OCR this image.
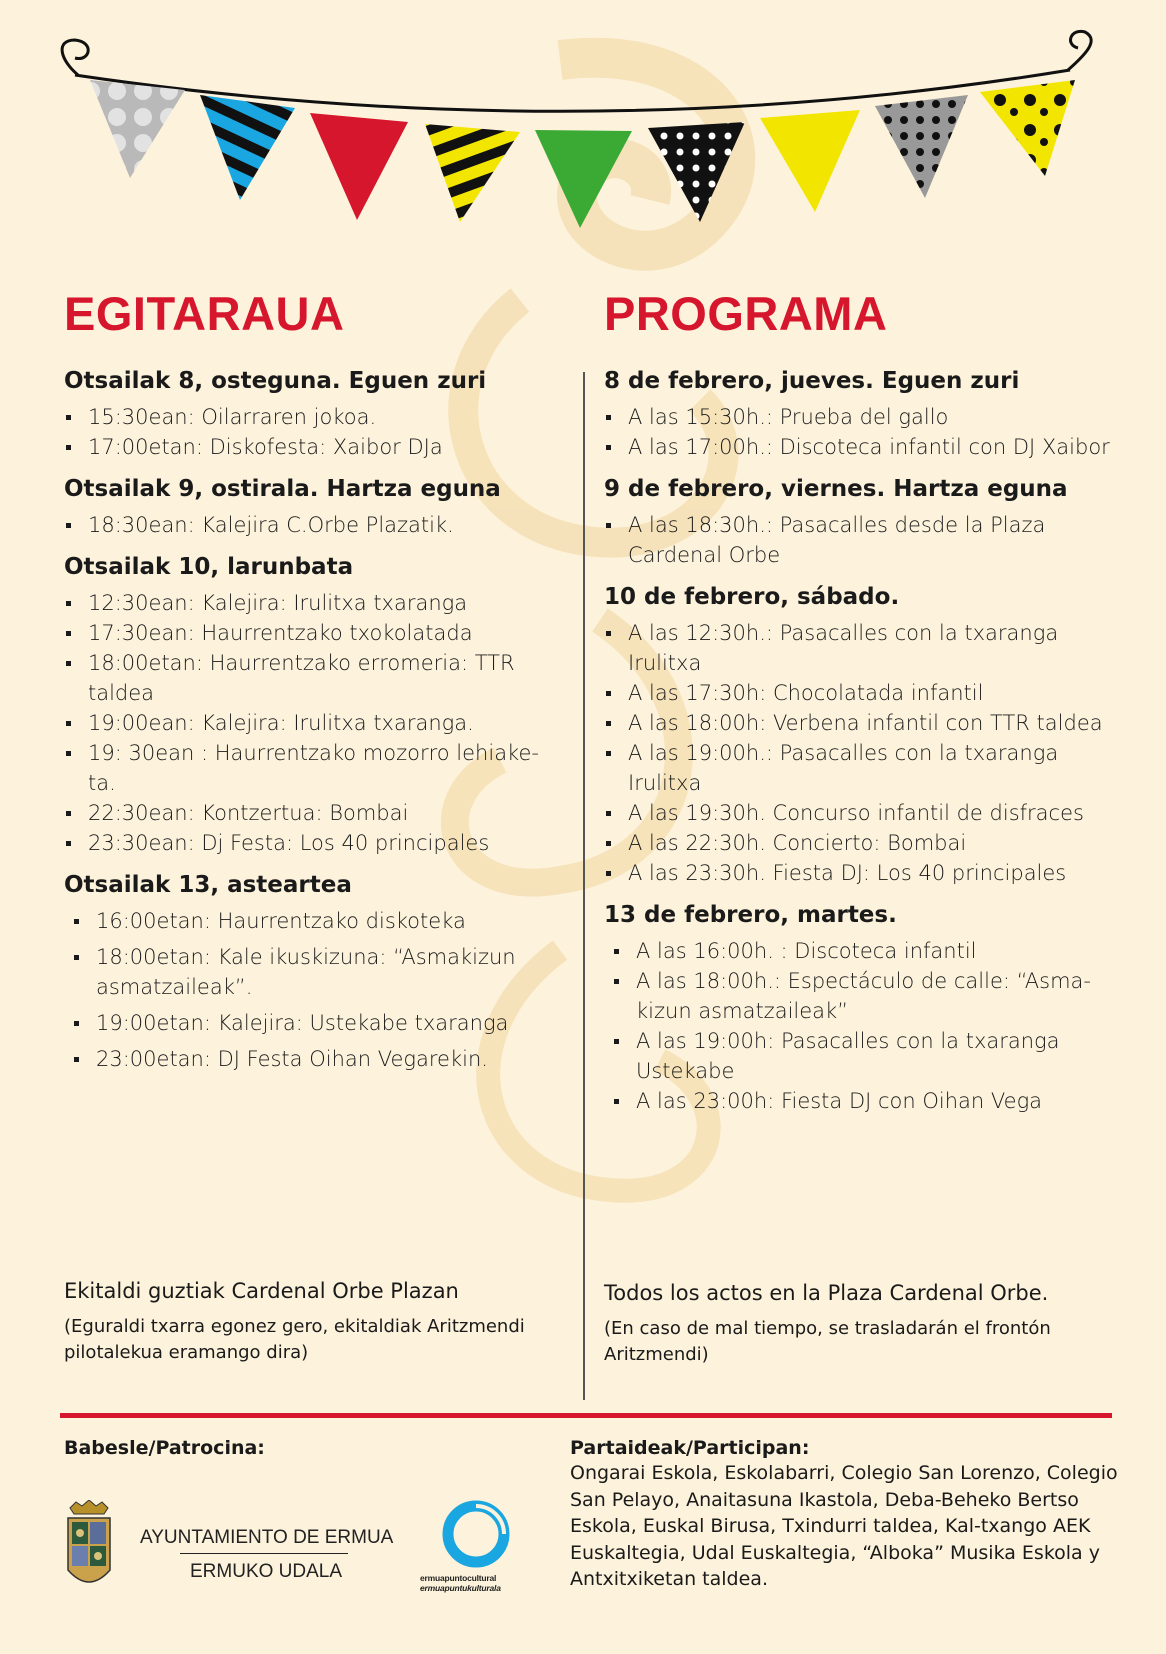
EGITARAUA
Otsailak 8, osteguna. Eguen zuri
15:30ean: Oilarraren jokoa.
17:00etan: Diskofesta: Xaibor DJa
Otsailak 9, ostirala. Hartza eguna
18:30ean: Kalejira C.Orbe Plazatik.
Otsailak 10, larunbata
12:30ean: Kalejira: Irulitxa txaranga
17:30ean: Haurrentzako txokolatada
18:00etan: Haurrentzako erromeria: TTR taldea
19:00ean: Kalejira: Irulitxa txaranga.
19: 30ean : Haurrentzako mozorro lehiake-ta.
22:30ean: Kontzertua: Bombai
23:30ean: Dj Festa: Los 40 principales
Otsailak 13, asteartea
16:00etan: Haurrentzako diskoteka
18:00etan: Kale ikuskizuna: “Asmakizun asmatzaileak”.
19:00etan: Kalejira: Ustekabe txaranga
23:00etan: DJ Festa Oihan Vegarekin.
PROGRAMA
8 de febrero, jueves. Eguen zuri
A las 15:30h.: Prueba del gallo
A las 17:00h.: Discoteca infantil con DJ Xaibor
9 de febrero, viernes. Hartza eguna
A las 18:30h.: Pasacalles desde la Plaza Cardenal Orbe
10 de febrero, sábado.
A las 12:30h.: Pasacalles con la txaranga Irulitxa
A las 17:30h: Chocolatada infantil
A las 18:00h: Verbena infantil con TTR taldea
A las 19:00h.: Pasacalles con la txaranga Irulitxa
A las 19:30h. Concurso infantil de disfraces
A las 22:30h. Concierto: Bombai
A las 23:30h. Fiesta DJ: Los 40 principales
13 de febrero, martes.
A las 16:00h. : Discoteca infantil
A las 18:00h.: Espectáculo de calle: “Asma-kizun asmatzaileak”
A las 19:00h: Pasacalles con la txaranga Ustekabe
A las 23:00h: Fiesta DJ con Oihan Vega
Ekitaldi guztiak Cardenal Orbe Plazan
(Eguraldi txarra egonez gero, ekitaldiak Aritzmendi pilotalekua eramango dira)
Todos los actos en la Plaza Cardenal Orbe.
(En caso de mal tiempo, se trasladarán el frontón Aritzmendi)
Babesle/Patrocina:
AYUNTAMIENTO DE ERMUA
ERMUKO UDALA	ermuapuntocultural
ermuapuntukulturala
Partaideak/Participan:
Ongarai Eskola, Eskolabarri, Colegio San Lorenzo, Colegio San Pelayo, Anaitasuna Ikastola, Deba-Beheko Bertso Eskola, Euskal Birusa, Txindurri taldea, Kal-txango AEK Euskaltegia, Udal Euskaltegia, “Alboka” Musika Eskola y Antxitxiketan taldea.
